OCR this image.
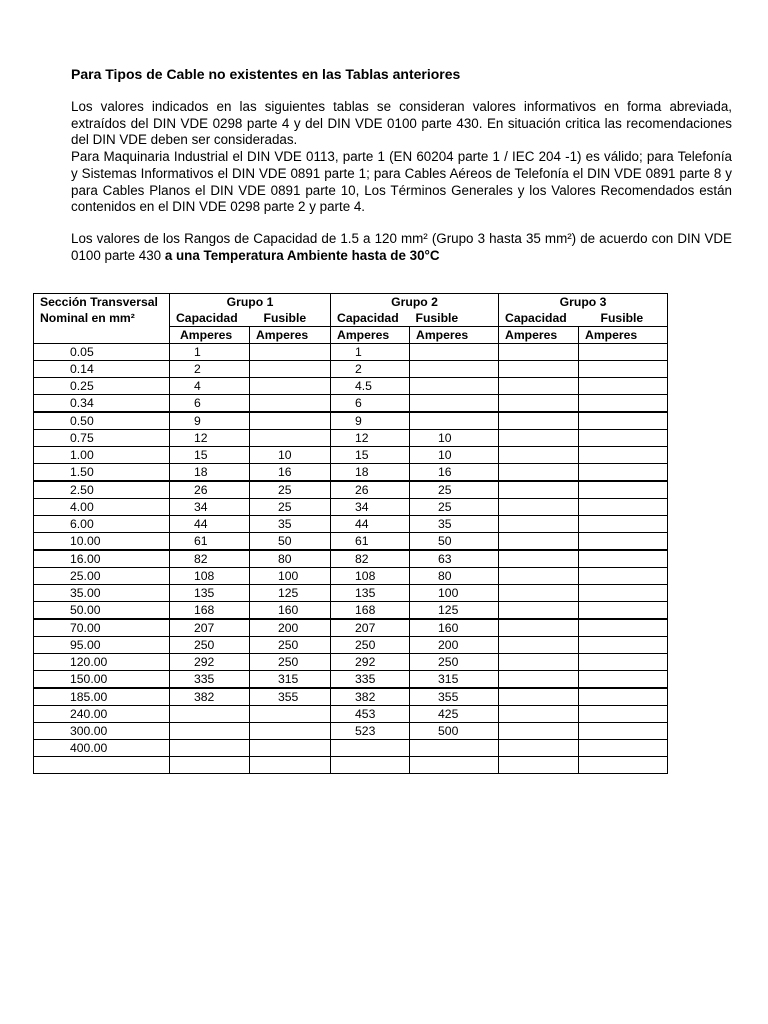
Para Tipos de Cable no existentes en las Tablas anteriores
Los valores indicados en las siguientes tablas se consideran valores informativos en forma abreviada, extraídos del DIN VDE 0298 parte 4 y del DIN VDE 0100 parte 430. En situación critica las recomendaciones del DIN VDE deben ser consideradas.
Para Maquinaria Industrial el DIN VDE 0113, parte 1 (EN 60204 parte 1 / IEC 204 -1) es válido; para Telefonía y Sistemas Informativos el DIN VDE 0891 parte 1; para Cables Aéreos de Telefonía el DIN VDE 0891 parte 8 y para Cables Planos el DIN VDE 0891 parte 10, Los Términos Generales y los Valores Recomendados están contenidos en el DIN VDE 0298 parte 2 y parte 4.
Los valores de los Rangos de Capacidad de 1.5 a 120 mm² (Grupo 3 hasta 35 mm²) de acuerdo con DIN VDE 0100 parte 430 a una Temperatura Ambiente hasta de 30°C
Sección Transversal	Grupo 1		Grupo 2		Grupo 3	
Nominal en mm²	Capacidad	Fusible	Capacidad	Fusible	Capacidad	Fusible
	Amperes	Amperes	Amperes	Amperes	Amperes	Amperes
0.05	1		1			
0.14	2		2			
0.25	4		4.5			
0.34	6		6			
0.50	9		9			
0.75	12		12	10		
1.00	15	10	15	10		
1.50	18	16	18	16		
2.50	26	25	26	25		
4.00	34	25	34	25		
6.00	44	35	44	35		
10.00	61	50	61	50		
16.00	82	80	82	63		
25.00	108	100	108	80		
35.00	135	125	135	100		
50.00	168	160	168	125		
70.00	207	200	207	160		
95.00	250	250	250	200		
120.00	292	250	292	250		
150.00	335	315	335	315		
185.00	382	355	382	355		
240.00			453	425		
300.00			523	500		
400.00						
